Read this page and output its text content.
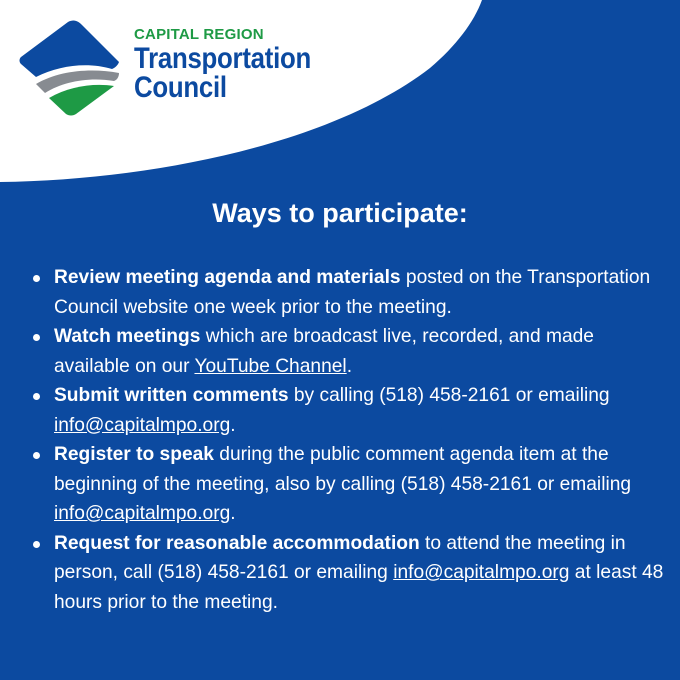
CAPITAL REGION
Transportation
Council
Ways to participate:
Review meeting agenda and materials posted on the Transportation Council website one week prior to the meeting.
Watch meetings which are broadcast live, recorded, and made available on our YouTube Channel.
Submit written comments by calling (518) 458-2161 or emailing info@capitalmpo.org.
Register to speak during the public comment agenda item at the beginning of the meeting, also by calling (518) 458-2161 or emailing info@capitalmpo.org.
Request for reasonable accommodation to attend the meeting in person, call (518) 458-2161 or emailing info@capitalmpo.org at least 48 hours prior to the meeting.
